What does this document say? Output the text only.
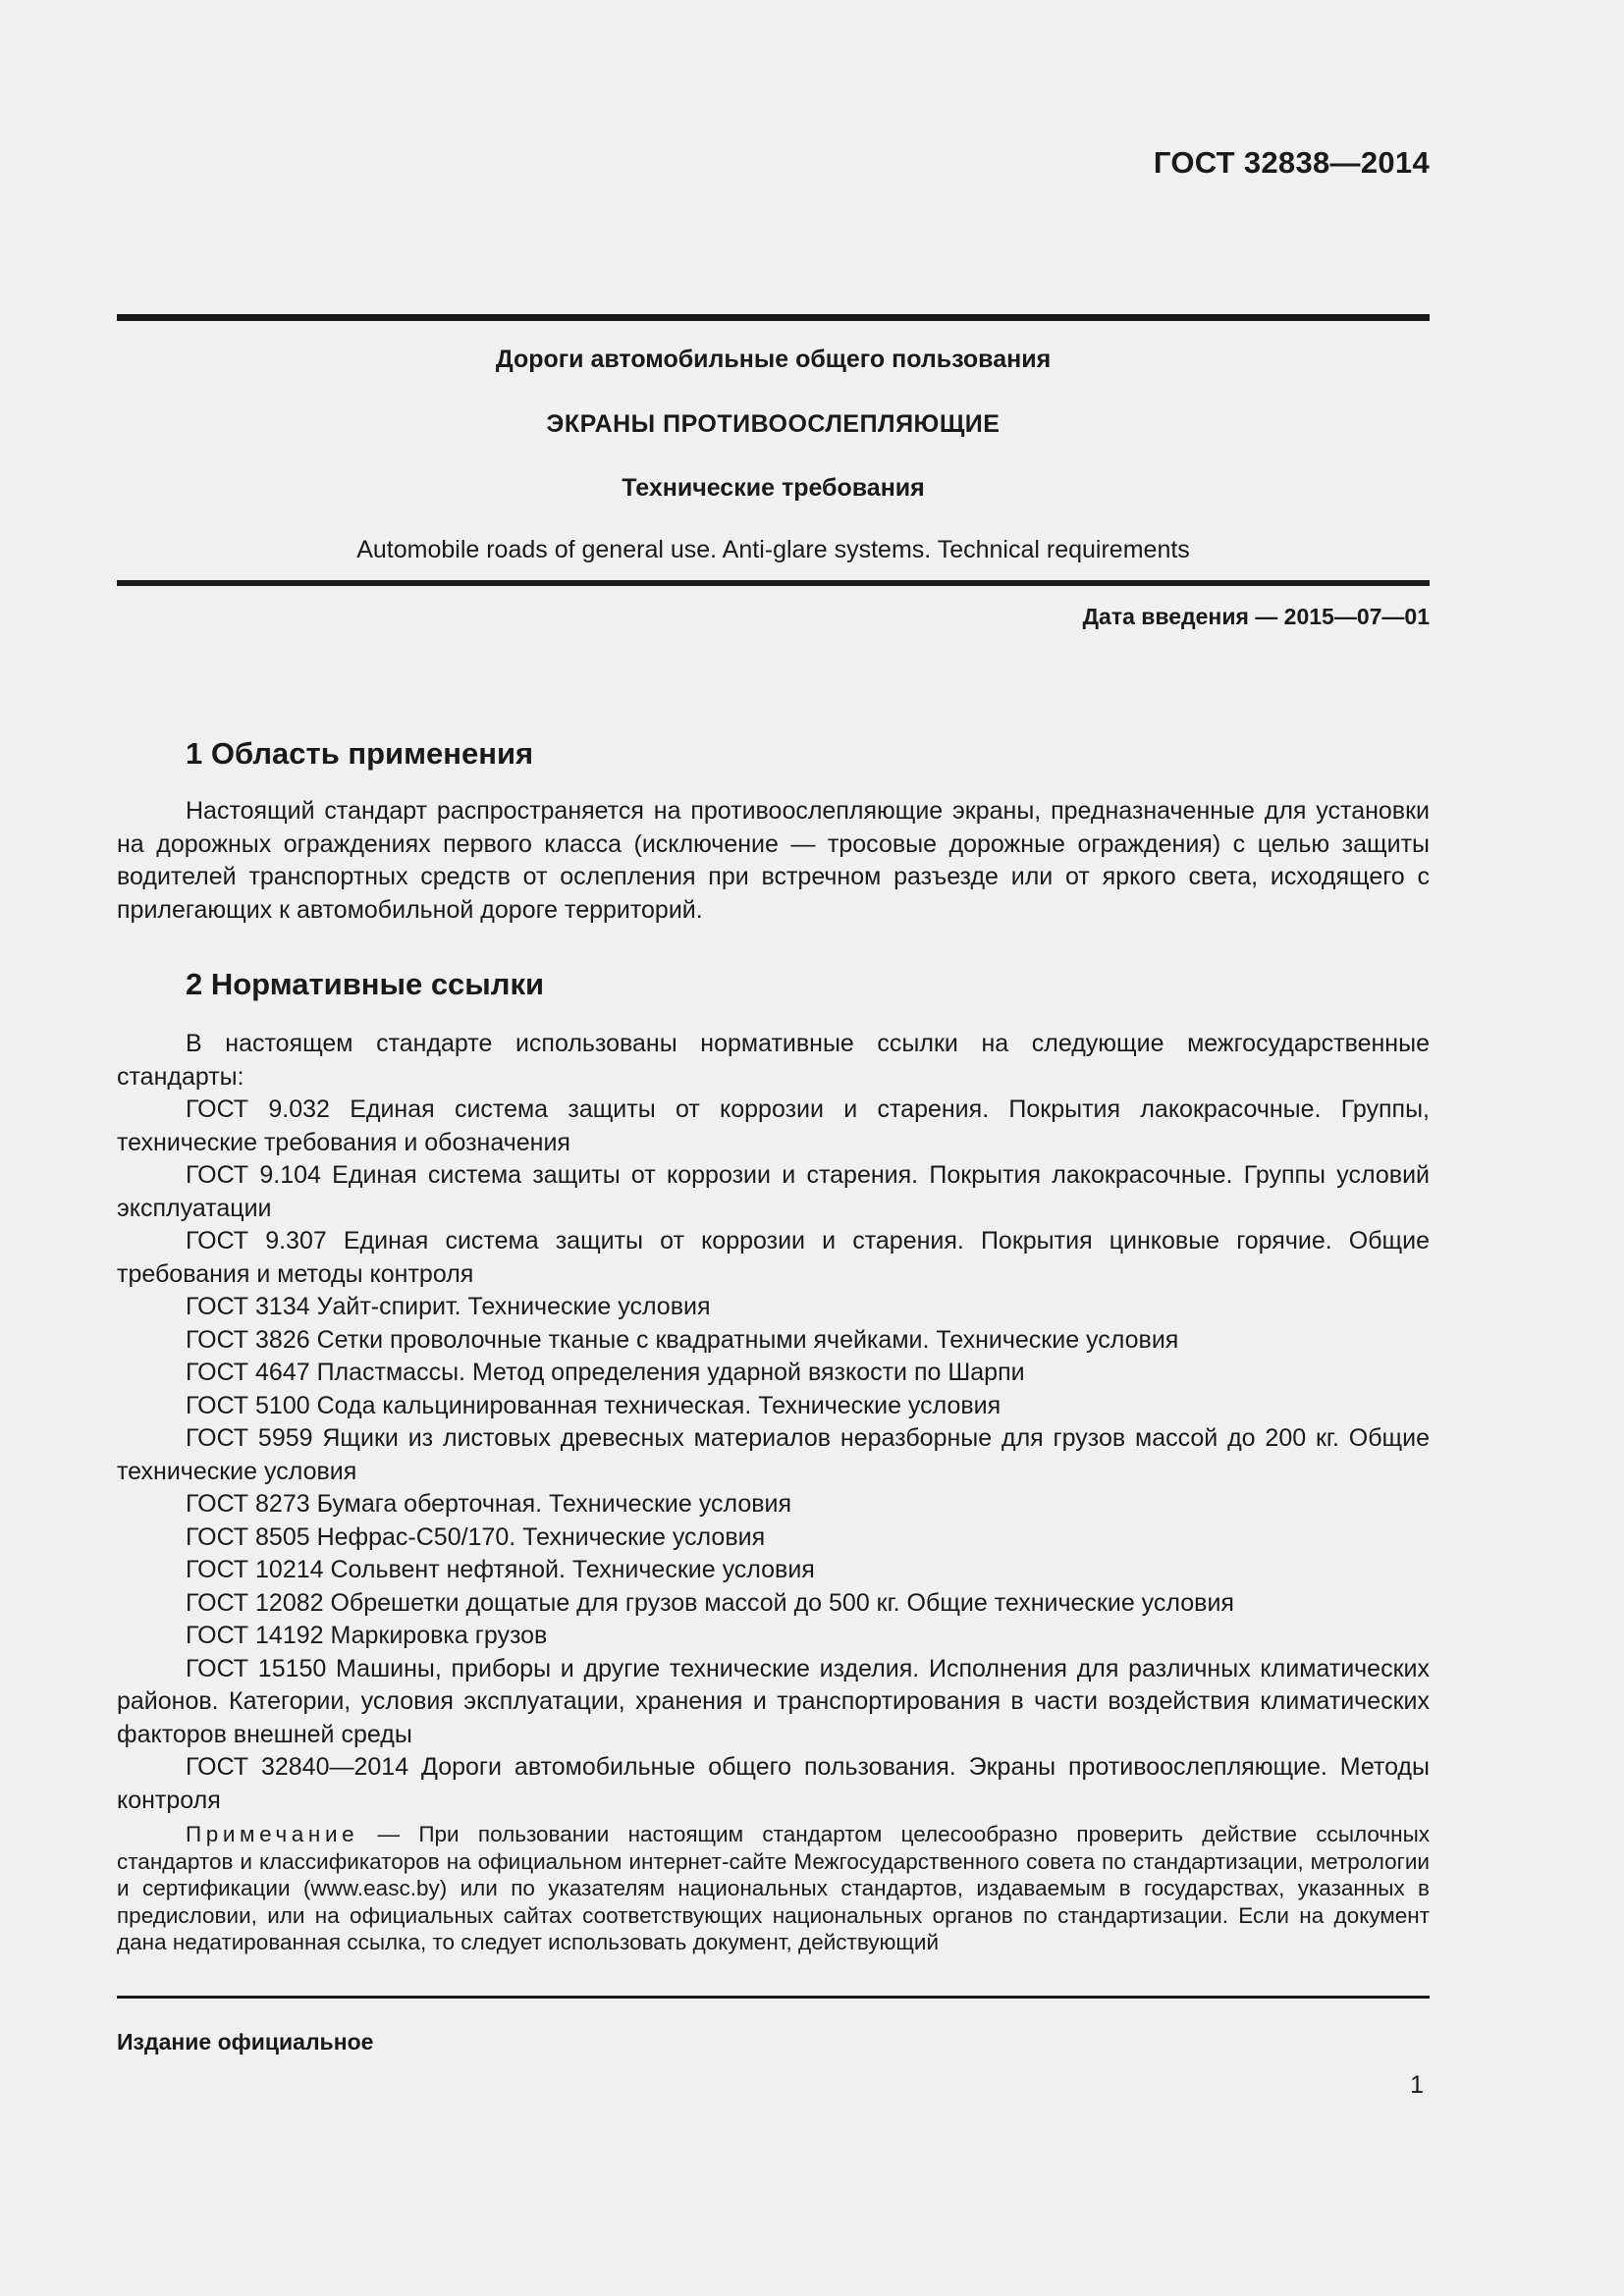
ГОСТ 32838—2014
Дороги автомобильные общего пользования
ЭКРАНЫ ПРОТИВООСЛЕПЛЯЮЩИЕ
Технические требования
Automobile roads of general use. Anti-glare systems. Technical requirements
Дата введения — 2015—07—01
1 Область применения

Настоящий стандарт распространяется на противоослепляющие экраны, предназначенные для установки на дорожных ограждениях первого класса (исключение — тросовые дорожные ограждения) с целью защиты водителей транспортных средств от ослепления при встречном разъезде или от яркого света, исходящего с прилегающих к автомобильной дороге территорий.

2 Нормативные ссылки

В настоящем стандарте использованы нормативные ссылки на следующие межгосударственные стандарты:

ГОСТ 9.032 Единая система защиты от коррозии и старения. Покрытия лакокрасочные. Группы, технические требования и обозначения
ГОСТ 9.104 Единая система защиты от коррозии и старения. Покрытия лакокрасочные. Группы условий эксплуатации
ГОСТ 9.307 Единая система защиты от коррозии и старения. Покрытия цинковые горячие. Общие требования и методы контроля
ГОСТ 3134 Уайт-спирит. Технические условия
ГОСТ 3826 Сетки проволочные тканые с квадратными ячейками. Технические условия
ГОСТ 4647 Пластмассы. Метод определения ударной вязкости по Шарпи
ГОСТ 5100 Сода кальцинированная техническая. Технические условия
ГОСТ 5959 Ящики из листовых древесных материалов неразборные для грузов массой до 200 кг. Общие технические условия
ГОСТ 8273 Бумага оберточная. Технические условия
ГОСТ 8505 Нефрас-С50/170. Технические условия
ГОСТ 10214 Сольвент нефтяной. Технические условия
ГОСТ 12082 Обрешетки дощатые для грузов массой до 500 кг. Общие технические условия
ГОСТ 14192 Маркировка грузов
ГОСТ 15150 Машины, приборы и другие технические изделия. Исполнения для различных климатических районов. Категории, условия эксплуатации, хранения и транспортирования в части воздействия климатических факторов внешней среды
ГОСТ 32840—2014 Дороги автомобильные общего пользования. Экраны противоослепляющие. Методы контроля

Примечание — При пользовании настоящим стандартом целесообразно проверить действие ссылочных стандартов и классификаторов на официальном интернет-сайте Межгосударственного совета по стандартизации, метрологии и сертификации (www.easc.by) или по указателям национальных стандартов, издаваемым в государствах, указанных в предисловии, или на официальных сайтах соответствующих национальных органов по стандартизации. Если на документ дана недатированная ссылка, то следует использовать документ, действующий

Издание официальное
1
